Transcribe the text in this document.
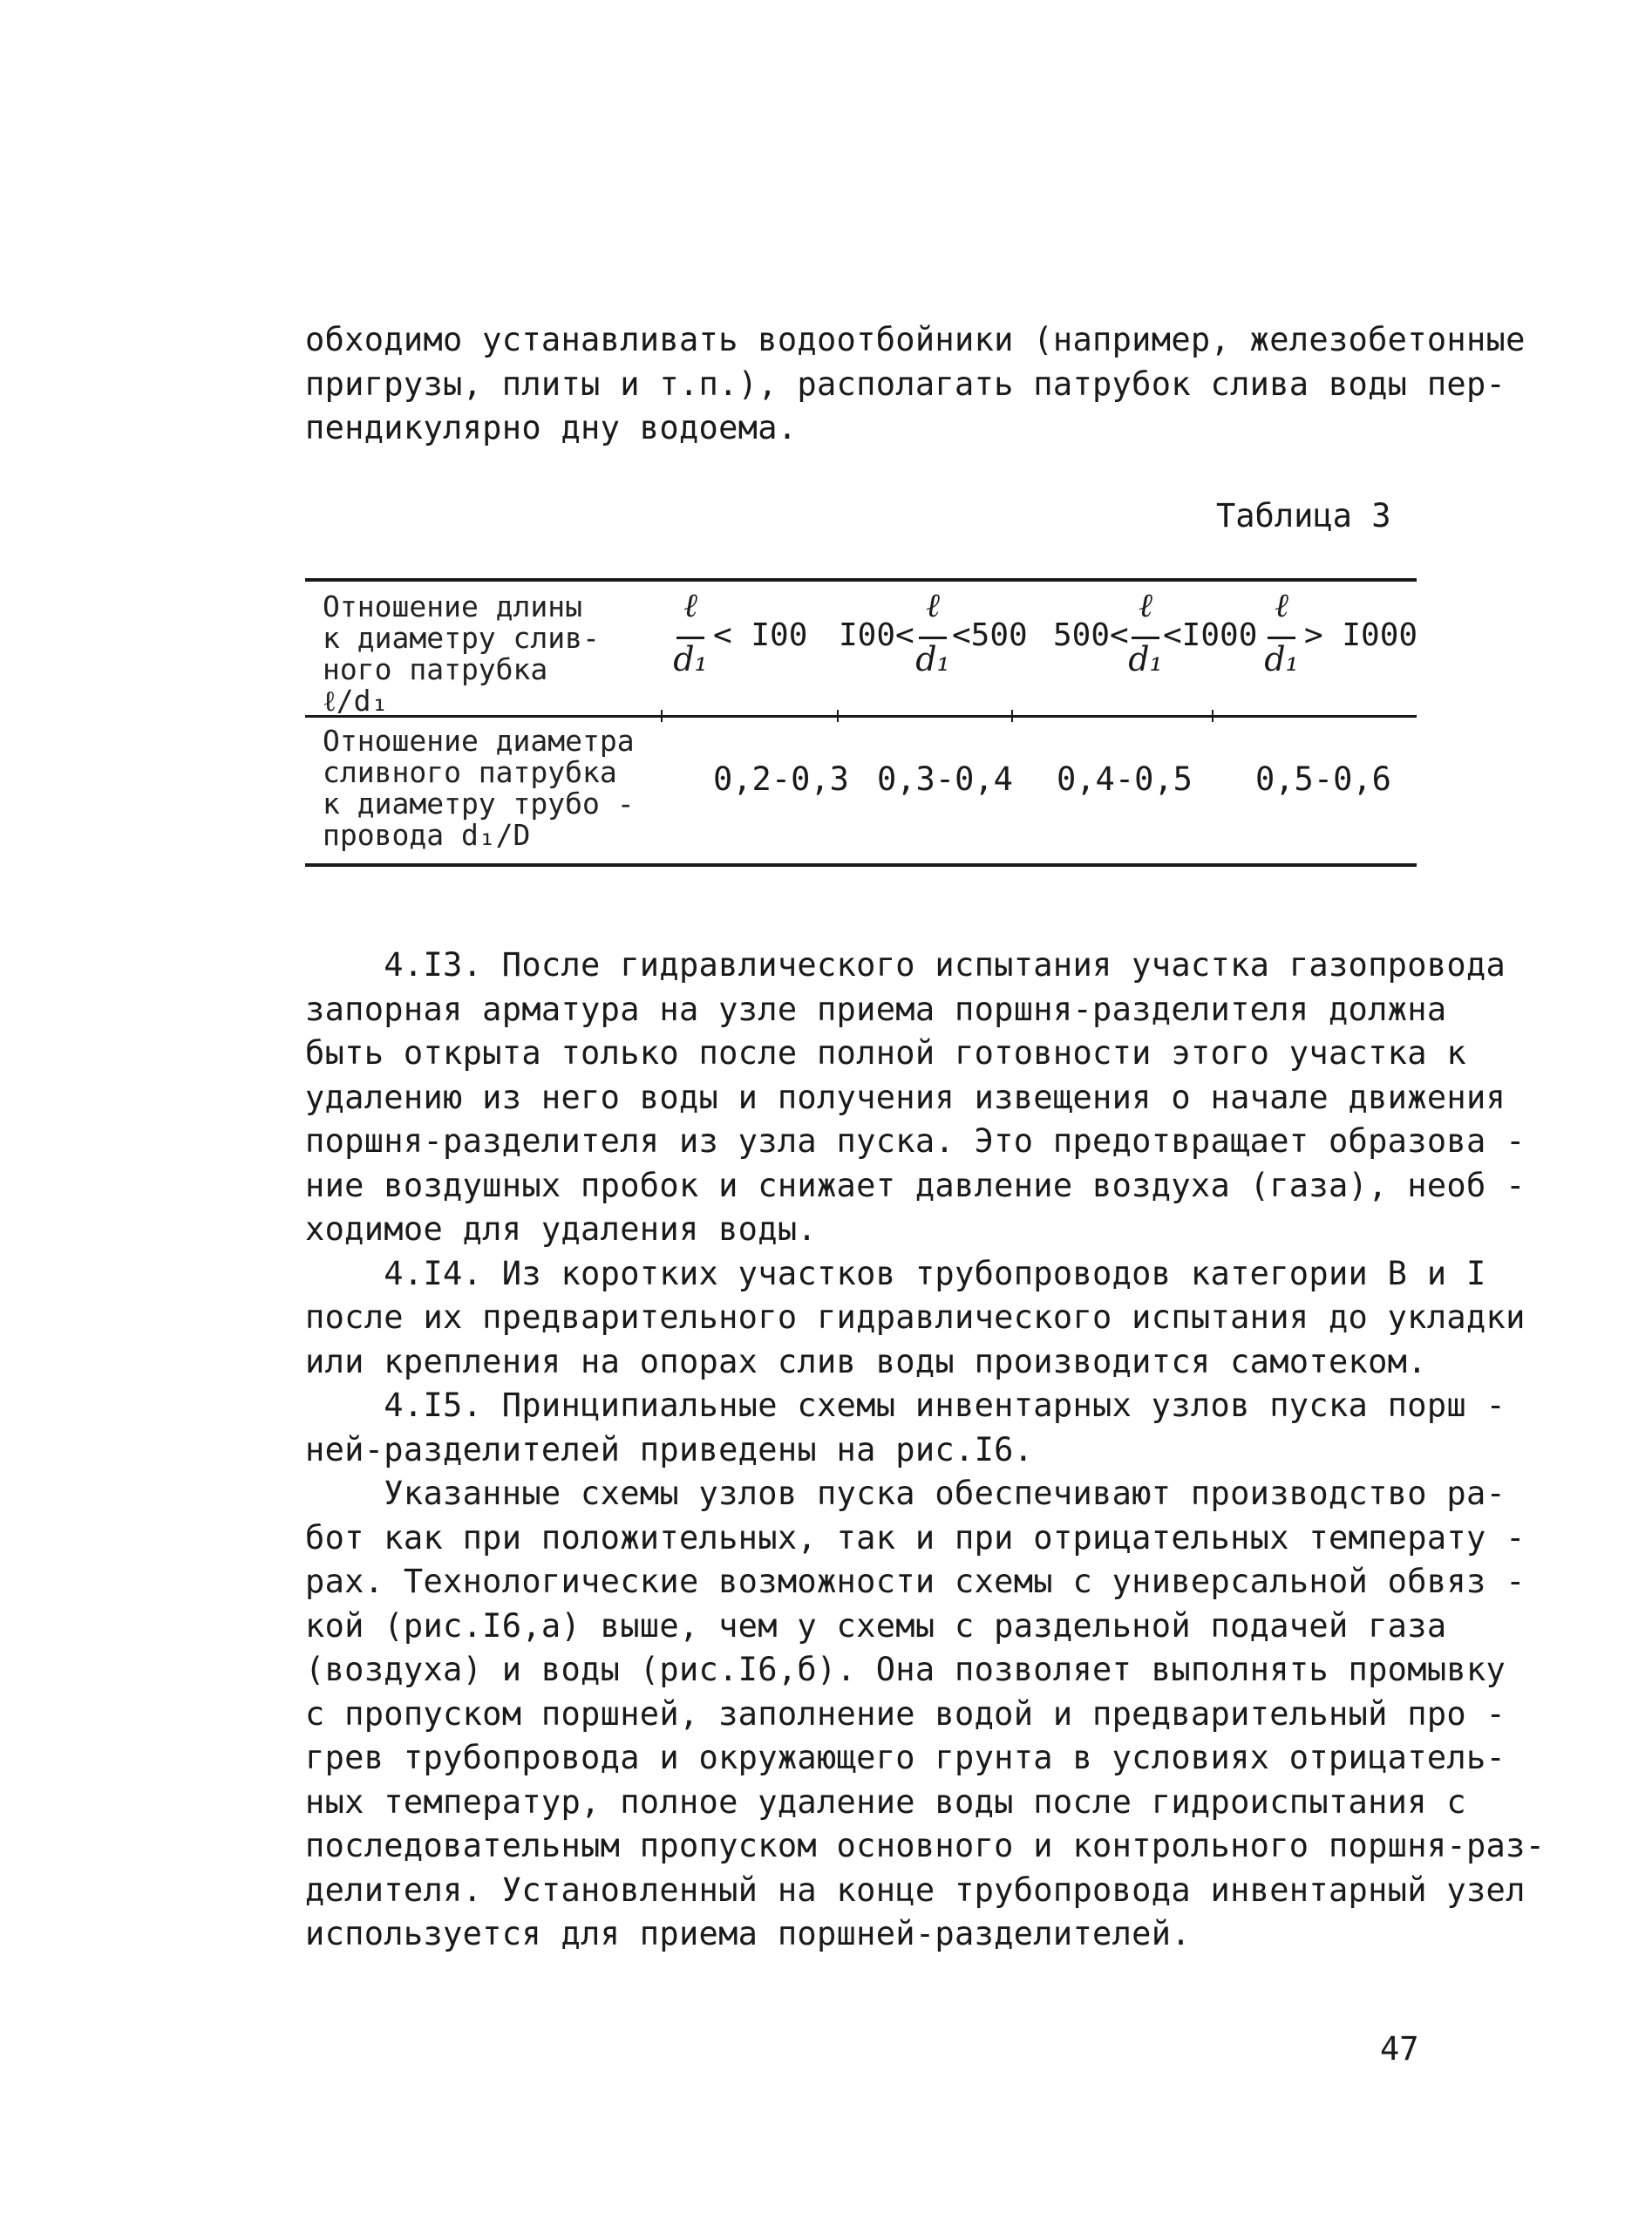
обходимо устанавливать водоотбойники (например, железобетонные
пригрузы, плиты и т.п.), располагать патрубок слива воды пер-
пендикулярно дну водоема.
Таблица 3
Отношение длины
к диаметру слив-
ного патрубка
ℓ/d₁
Отношение диаметра
сливного патрубка
к диаметру трубо -
провода d₁/D
ℓ
d₁
< I00 I00<
ℓ
d₁
<500 500<
ℓ
d₁
<I000
ℓ
d₁
> I000
0,2-0,3 0,3-0,4 0,4-0,5 0,5-0,6
4.I3. После гидравлического испытания участка газопровода
запорная арматура на узле приема поршня-разделителя должна
быть открыта только после полной готовности этого участка к
удалению из него воды и получения извещения о начале движения
поршня-разделителя из узла пуска. Это предотвращает образова -
ние воздушных пробок и снижает давление воздуха (газа), необ -
ходимое для удаления воды.
4.I4. Из коротких участков трубопроводов категории В и I
после их предварительного гидравлического испытания до укладки
или крепления на опорах слив воды производится самотеком.
4.I5. Принципиальные схемы инвентарных узлов пуска порш -
ней-разделителей приведены на рис.I6.
Указанные схемы узлов пуска обеспечивают производство ра-
бот как при положительных, так и при отрицательных температу -
рах. Технологические возможности схемы с универсальной обвяз -
кой (рис.I6,а) выше, чем у схемы с раздельной подачей газа
(воздуха) и воды (рис.I6,б). Она позволяет выполнять промывку
с пропуском поршней, заполнение водой и предварительный про -
грев трубопровода и окружающего грунта в условиях отрицатель-
ных температур, полное удаление воды после гидроиспытания с
последовательным пропуском основного и контрольного поршня-раз-
делителя. Установленный на конце трубопровода инвентарный узел
используется для приема поршней-разделителей.
47
